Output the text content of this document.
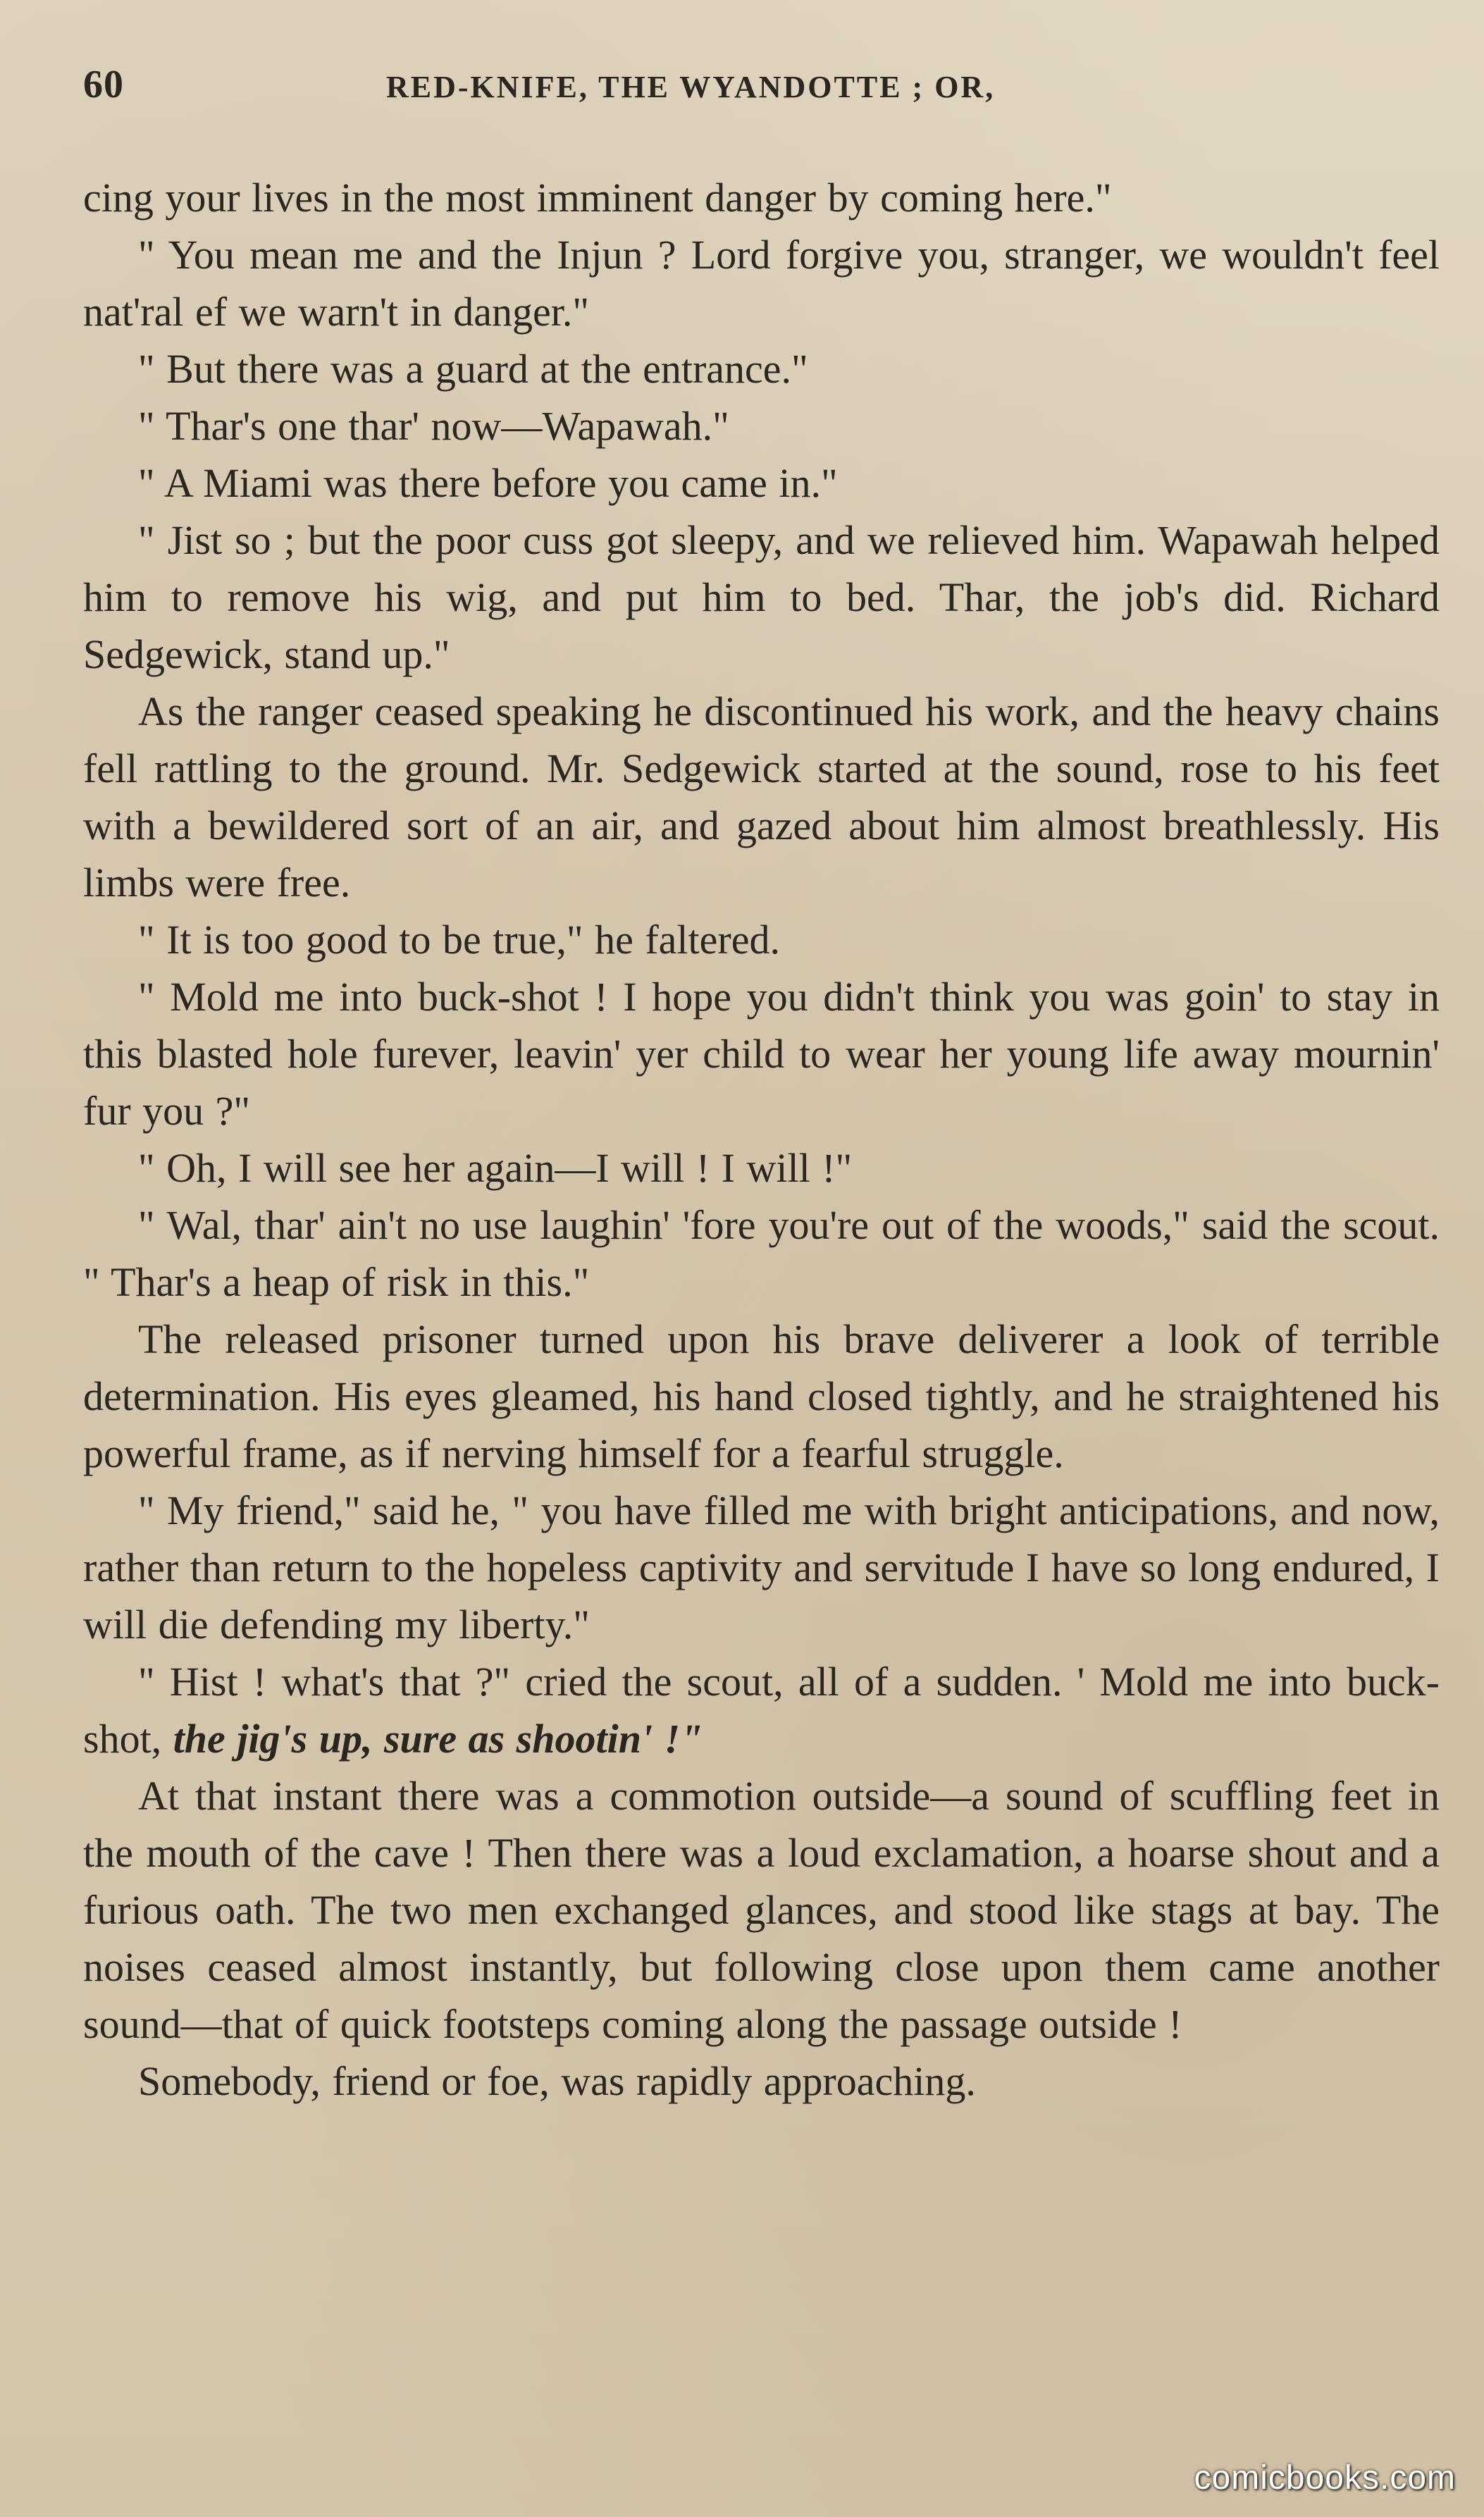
60	RED-KNIFE, THE WYANDOTTE ; OR,

cing your lives in the most imminent danger by coming here."

" You mean me and the Injun ? Lord forgive you, stranger, we wouldn't feel nat'ral ef we warn't in danger."

" But there was a guard at the entrance."

" Thar's one thar' now—Wapawah."

" A Miami was there before you came in."

" Jist so ; but the poor cuss got sleepy, and we relieved him. Wapawah helped him to remove his wig, and put him to bed. Thar, the job's did. Richard Sedgewick, stand up."

As the ranger ceased speaking he discontinued his work, and the heavy chains fell rattling to the ground. Mr. Sedgewick started at the sound, rose to his feet with a bewildered sort of an air, and gazed about him almost breathlessly. His limbs were free.

" It is too good to be true," he faltered.

" Mold me into buck-shot ! I hope you didn't think you was goin' to stay in this blasted hole furever, leavin' yer child to wear her young life away mournin' fur you ?"

" Oh, I will see her again—I will ! I will !"

" Wal, thar' ain't no use laughin' 'fore you're out of the woods," said the scout. " Thar's a heap of risk in this."

The released prisoner turned upon his brave deliverer a look of terrible determination. His eyes gleamed, his hand closed tightly, and he straightened his powerful frame, as if nerving himself for a fearful struggle.

" My friend," said he, " you have filled me with bright anticipations, and now, rather than return to the hopeless captivity and servitude I have so long endured, I will die defending my liberty."

" Hist ! what's that ?" cried the scout, all of a sudden. ' Mold me into buck-shot, the jig's up, sure as shootin' !"

At that instant there was a commotion outside—a sound of scuffling feet in the mouth of the cave ! Then there was a loud exclamation, a hoarse shout and a furious oath. The two men exchanged glances, and stood like stags at bay. The noises ceased almost instantly, but following close upon them came another sound—that of quick footsteps coming along the passage outside !

Somebody, friend or foe, was rapidly approaching.

comicbooks.com
